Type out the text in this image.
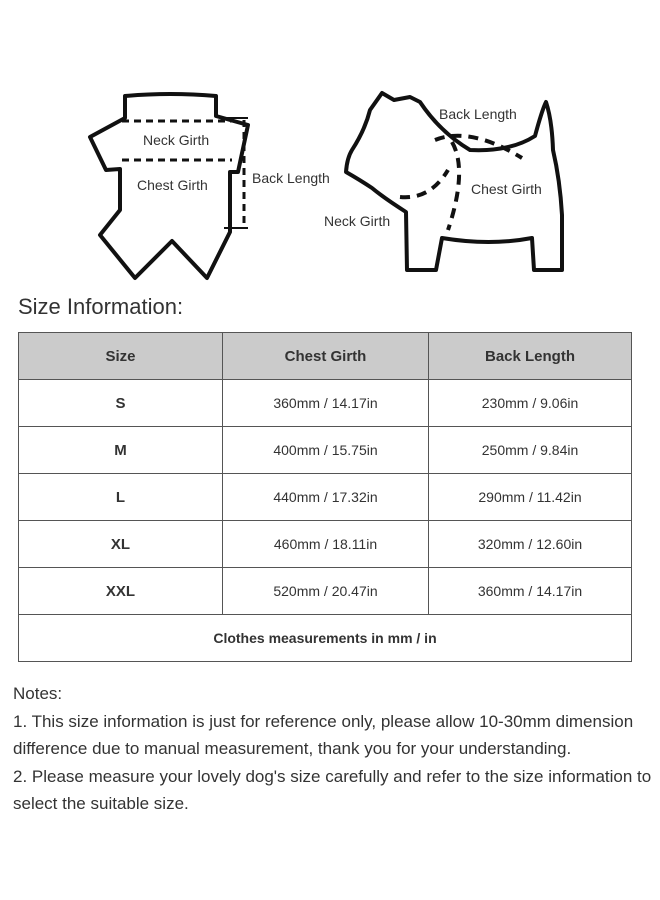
Neck Girth
Chest Girth	Back Length
Back Length
Chest Girth
Neck Girth
Size Information:
Size	Chest Girth	Back Length
S	360mm / 14.17in	230mm / 9.06in
M	400mm / 15.75in	250mm / 9.84in
L	440mm / 17.32in	290mm / 11.42in
XL	460mm / 18.11in	320mm / 12.60in
XXL	520mm / 20.47in	360mm / 14.17in
Clothes measurements in mm / in		

Notes:

1. This size information is just for reference only, please allow 10-30mm dimension difference due to manual measurement, thank you for your understanding.

2. Please measure your lovely dog's size carefully and refer to the size information to select the suitable size.
